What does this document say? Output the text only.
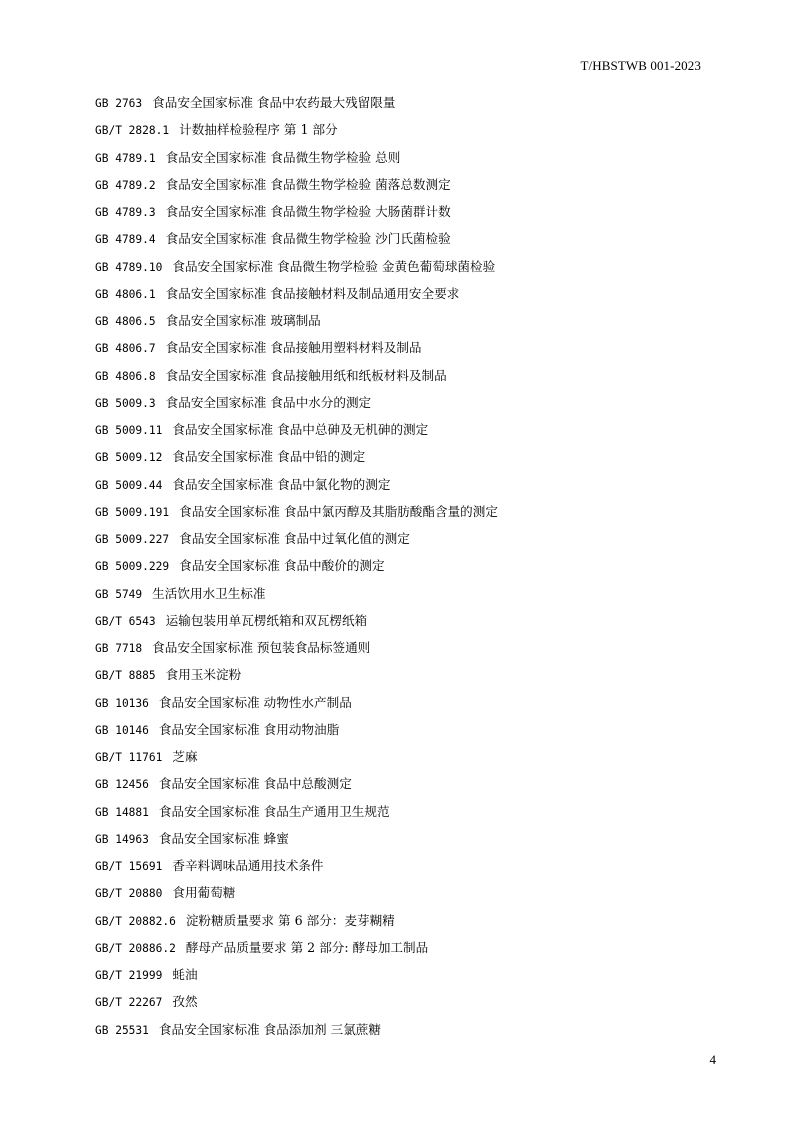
T/HBSTWB 001-2023
GB 2763 食品安全国家标准 食品中农药最大残留限量
GB/T 2828.1 计数抽样检验程序 第 1 部分
GB 4789.1 食品安全国家标准 食品微生物学检验 总则
GB 4789.2 食品安全国家标准 食品微生物学检验 菌落总数测定
GB 4789.3 食品安全国家标准 食品微生物学检验 大肠菌群计数
GB 4789.4 食品安全国家标准 食品微生物学检验 沙门氏菌检验
GB 4789.10 食品安全国家标准 食品微生物学检验 金黄色葡萄球菌检验
GB 4806.1 食品安全国家标准 食品接触材料及制品通用安全要求
GB 4806.5 食品安全国家标准 玻璃制品
GB 4806.7 食品安全国家标准 食品接触用塑料材料及制品
GB 4806.8 食品安全国家标准 食品接触用纸和纸板材料及制品
GB 5009.3 食品安全国家标准 食品中水分的测定
GB 5009.11 食品安全国家标准 食品中总砷及无机砷的测定
GB 5009.12 食品安全国家标准 食品中铅的测定
GB 5009.44 食品安全国家标准 食品中氯化物的测定
GB 5009.191 食品安全国家标准 食品中氯丙醇及其脂肪酸酯含量的测定
GB 5009.227 食品安全国家标准 食品中过氧化值的测定
GB 5009.229 食品安全国家标准 食品中酸价的测定
GB 5749 生活饮用水卫生标准
GB/T 6543 运输包装用单瓦楞纸箱和双瓦楞纸箱
GB 7718 食品安全国家标准 预包装食品标签通则
GB/T 8885 食用玉米淀粉
GB 10136 食品安全国家标准 动物性水产制品
GB 10146 食品安全国家标准 食用动物油脂
GB/T 11761 芝麻
GB 12456 食品安全国家标准 食品中总酸测定
GB 14881 食品安全国家标准 食品生产通用卫生规范
GB 14963 食品安全国家标准 蜂蜜
GB/T 15691 香辛料调味品通用技术条件
GB/T 20880 食用葡萄糖
GB/T 20882.6 淀粉糖质量要求 第 6 部分：麦芽糊精
GB/T 20886.2 酵母产品质量要求 第 2 部分: 酵母加工制品
GB/T 21999 蚝油
GB/T 22267 孜然
GB 25531 食品安全国家标准 食品添加剂 三氯蔗糖
4
